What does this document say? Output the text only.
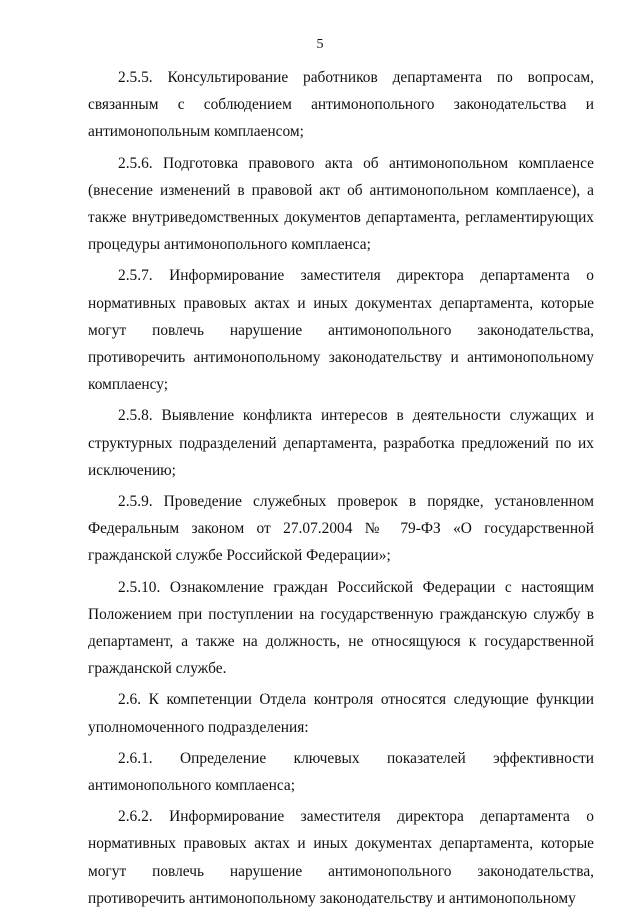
5

2.5.5. Консультирование работников департамента по вопросам, связанным с соблюдением антимонопольного законодательства и антимонопольным комплаенсом;

2.5.6. Подготовка правового акта об антимонопольном комплаенсе (внесение изменений в правовой акт об антимонопольном комплаенсе), а также внутриведомственных документов департамента, регламентирующих процедуры антимонопольного комплаенса;

2.5.7. Информирование заместителя директора департамента о нормативных правовых актах и иных документах департамента, которые могут повлечь нарушение антимонопольного законодательства, противоречить антимонопольному законодательству и антимонопольному комплаенсу;

2.5.8. Выявление конфликта интересов в деятельности служащих и структурных подразделений департамента, разработка предложений по их исключению;

2.5.9. Проведение служебных проверок в порядке, установленном Федеральным законом от 27.07.2004 № 79-ФЗ «О государственной гражданской службе Российской Федерации»;

2.5.10. Ознакомление граждан Российской Федерации с настоящим Положением при поступлении на государственную гражданскую службу в департамент, а также на должность, не относящуюся к государственной гражданской службе.

2.6. К компетенции Отдела контроля относятся следующие функции уполномоченного подразделения:

2.6.1. Определение ключевых показателей эффективности антимонопольного комплаенса;

2.6.2. Информирование заместителя директора департамента о нормативных правовых актах и иных документах департамента, которые могут повлечь нарушение антимонопольного законодательства, противоречить антимонопольному законодательству и антимонопольному
